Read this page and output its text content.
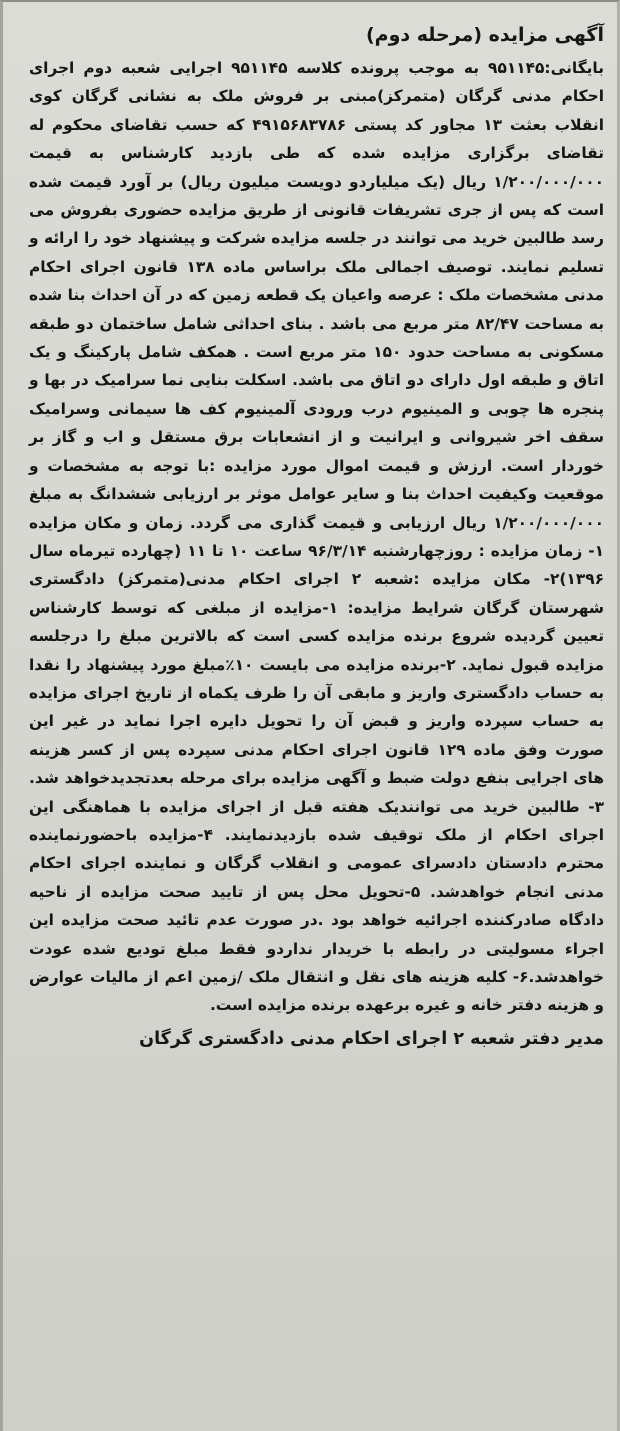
آگهی مزایده (مرحله دوم)

بایگانی:۹۵۱۱۴۵ به موجب پرونده کلاسه ۹۵۱۱۴۵ اجرایی شعبه دوم اجرای احکام مدنی گرگان (متمرکز)مبنی بر فروش ملک به نشانی گرگان کوی انقلاب بعثت ۱۳ مجاور کد پستی ۴۹۱۵۶۸۳۷۸۶ که حسب تقاضای محکوم له تقاضای برگزاری مزایده شده که طی بازدید کارشناس به قیمت ۱/۲۰۰/۰۰۰/۰۰۰ ریال (یک میلیاردو دویست میلیون ریال) بر آورد قیمت شده است که پس از جری تشریفات قانونی از طریق مزایده حضوری بفروش می رسد طالبین خرید می توانند در جلسه مزایده شرکت و پیشنهاد خود را ارائه و تسلیم نمایند. توصیف اجمالی ملک براساس ماده ۱۳۸ قانون اجرای احکام مدنی مشخصات ملک : عرصه واعیان یک قطعه زمین که در آن احداث بنا شده به مساحت ۸۲/۴۷ متر مربع می باشد . بنای احداثی شامل ساختمان دو طبقه مسکونی به مساحت حدود ۱۵۰ متر مربع است . همکف شامل پارکینگ و یک اتاق و طبقه اول دارای دو اتاق می باشد. اسکلت بنایی نما سرامیک در بها و پنجره ها چوبی و المینیوم درب ورودی آلمینیوم کف ها سیمانی وسرامیک سقف اخر شیروانی و ایرانیت و از انشعابات برق مستقل و اب و گاز بر خوردار است. ارزش و قیمت اموال مورد مزایده :با توجه به مشخصات و موقعیت وکیفیت احداث بنا و سایر عوامل موثر بر ارزیابی ششدانگ به مبلغ ۱/۲۰۰/۰۰۰/۰۰۰ ریال ارزیابی و قیمت گذاری می گردد. زمان و مکان مزایده ۱- زمان مزایده : روزچهارشنبه ۹۶/۳/۱۴ ساعت ۱۰ تا ۱۱ (چهارده تیرماه سال ۱۳۹۶)۲- مکان مزایده :شعبه ۲ اجرای احکام مدنی(متمرکز) دادگستری شهرستان گرگان شرایط مزایده: ۱-مزایده از مبلغی که توسط کارشناس تعیین گردیده شروع برنده مزایده کسی است که بالاترین مبلغ را درجلسه مزایده قبول نماید. ۲-برنده مزایده می بایست ۱۰٪مبلغ مورد پیشنهاد را نقدا به حساب دادگستری واریز و مابقی آن را ظرف یکماه از تاریخ اجرای مزایده به حساب سپرده واریز و قبض آن را تحویل دایره اجرا نماید در غیر این صورت وفق ماده ۱۲۹ قانون اجرای احکام مدنی سپرده پس از کسر هزینه های اجرایی بنفع دولت ضبط و آگهی مزایده برای مرحله بعدتجدیدخواهد شد. ۳- طالبین خرید می توانندیک هفته قبل از اجرای مزایده با هماهنگی این اجرای احکام از ملک توقیف شده بازدیدنمایند. ۴-مزایده باحضورنماینده محترم دادستان دادسرای عمومی و انقلاب گرگان و نماینده اجرای احکام مدنی انجام خواهدشد. ۵-تحویل محل پس از تایید صحت مزایده از ناحیه دادگاه صادرکننده اجرائیه خواهد بود .در صورت عدم تائید صحت مزایده این اجراء مسولیتی در رابطه با خریدار نداردو فقط مبلغ تودیع شده عودت خواهدشد.۶- کلیه هزینه های نقل و انتقال ملک /زمین اعم از مالیات عوارض و هزینه دفتر خانه و غیره برعهده برنده مزایده است.

مدیر دفتر شعبه ۲ اجرای احکام مدنی دادگستری گرگان
